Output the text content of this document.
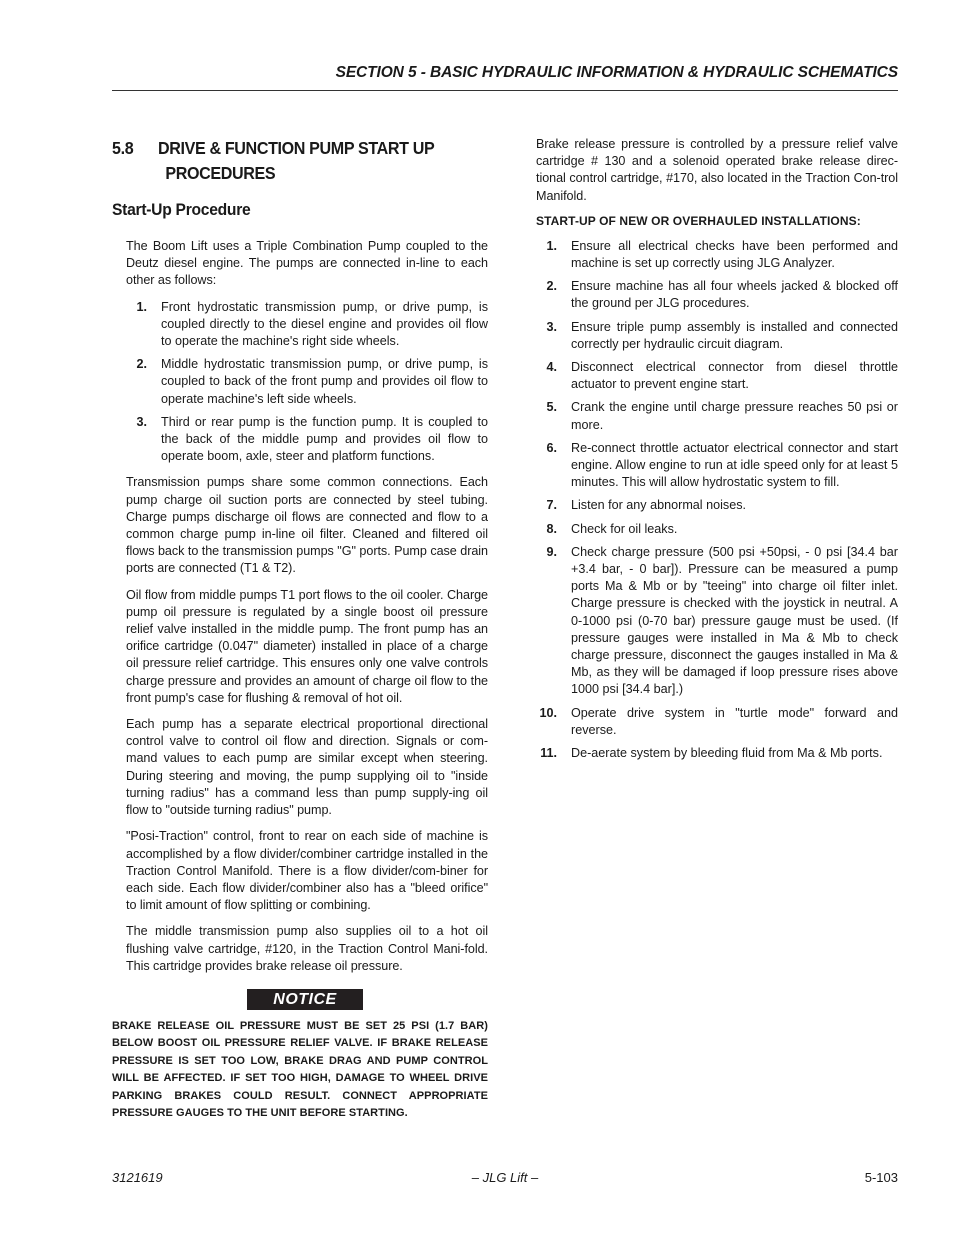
SECTION 5 - BASIC HYDRAULIC INFORMATION & HYDRAULIC SCHEMATICS
5.8	DRIVE & FUNCTION PUMP START UP
PROCEDURES
Start-Up Procedure

The Boom Lift uses a Triple Combination Pump coupled to the Deutz diesel engine. The pumps are connected in-line to each other as follows:

1.	Front hydrostatic transmission pump, or drive pump, is coupled directly to the diesel engine and provides oil flow to operate the machine's right side wheels.
2.	Middle hydrostatic transmission pump, or drive pump, is coupled to back of the front pump and provides oil flow to operate machine's left side wheels.
3.	Third or rear pump is the function pump. It is coupled to the back of the middle pump and provides oil flow to operate boom, axle, steer and platform functions.

Transmission pumps share some common connections. Each pump charge oil suction ports are connected by steel tubing. Charge pumps discharge oil flows are connected and flow to a common charge pump in-line oil filter. Cleaned and filtered oil flows back to the transmission pumps "G" ports. Pump case drain ports are connected (T1 & T2).

Oil flow from middle pumps T1 port flows to the oil cooler. Charge pump oil pressure is regulated by a single boost oil pressure relief valve installed in the middle pump. The front pump has an orifice cartridge (0.047" diameter) installed in place of a charge oil pressure relief cartridge. This ensures only one valve controls charge pressure and provides an amount of charge oil flow to the front pump's case for flushing & removal of hot oil.

Each pump has a separate electrical proportional directional control valve to control oil flow and direction. Signals or com-mand values to each pump are similar except when steering. During steering and moving, the pump supplying oil to "inside turning radius" has a command less than pump supply-ing oil flow to "outside turning radius" pump.

"Posi-Traction" control, front to rear on each side of machine is accomplished by a flow divider/combiner cartridge installed in the Traction Control Manifold. There is a flow divider/com-biner for each side. Each flow divider/combiner also has a "bleed orifice" to limit amount of flow splitting or combining.

The middle transmission pump also supplies oil to a hot oil flushing valve cartridge, #120, in the Traction Control Mani-fold. This cartridge provides brake release oil pressure.

NOTICE

BRAKE RELEASE OIL PRESSURE MUST BE SET 25 PSI (1.7 BAR) BELOW BOOST OIL PRESSURE RELIEF VALVE. IF BRAKE RELEASE PRESSURE IS SET TOO LOW, BRAKE DRAG AND PUMP CONTROL WILL BE AFFECTED. IF SET TOO HIGH, DAMAGE TO WHEEL DRIVE PARKING BRAKES COULD RESULT. CONNECT APPROPRIATE PRESSURE GAUGES TO THE UNIT BEFORE STARTING.

Brake release pressure is controlled by a pressure relief valve cartridge # 130 and a solenoid operated brake release direc-tional control cartridge, #170, also located in the Traction Con-trol Manifold.

START-UP OF NEW OR OVERHAULED INSTALLATIONS:
1.	Ensure all electrical checks have been performed and machine is set up correctly using JLG Analyzer.
2.	Ensure machine has all four wheels jacked & blocked off the ground per JLG procedures.
3.	Ensure triple pump assembly is installed and connected correctly per hydraulic circuit diagram.
4.	Disconnect electrical connector from diesel throttle actuator to prevent engine start.
5.	Crank the engine until charge pressure reaches 50 psi or more.
6.	Re-connect throttle actuator electrical connector and start engine. Allow engine to run at idle speed only for at least 5 minutes. This will allow hydrostatic system to fill.
7.	Listen for any abnormal noises.
8.	Check for oil leaks.
9.	Check charge pressure (500 psi +50psi, - 0 psi [34.4 bar +3.4 bar, - 0 bar]). Pressure can be measured a pump ports Ma & Mb or by "teeing" into charge oil filter inlet. Charge pressure is checked with the joystick in neutral. A 0-1000 psi (0-70 bar) pressure gauge must be used. (If pressure gauges were installed in Ma & Mb to check charge pressure, disconnect the gauges installed in Ma & Mb, as they will be damaged if loop pressure rises above 1000 psi [34.4 bar].)
10.	Operate drive system in "turtle mode" forward and reverse.
11.	De-aerate system by bleeding fluid from Ma & Mb ports.
3121619	– JLG Lift –	5-103
